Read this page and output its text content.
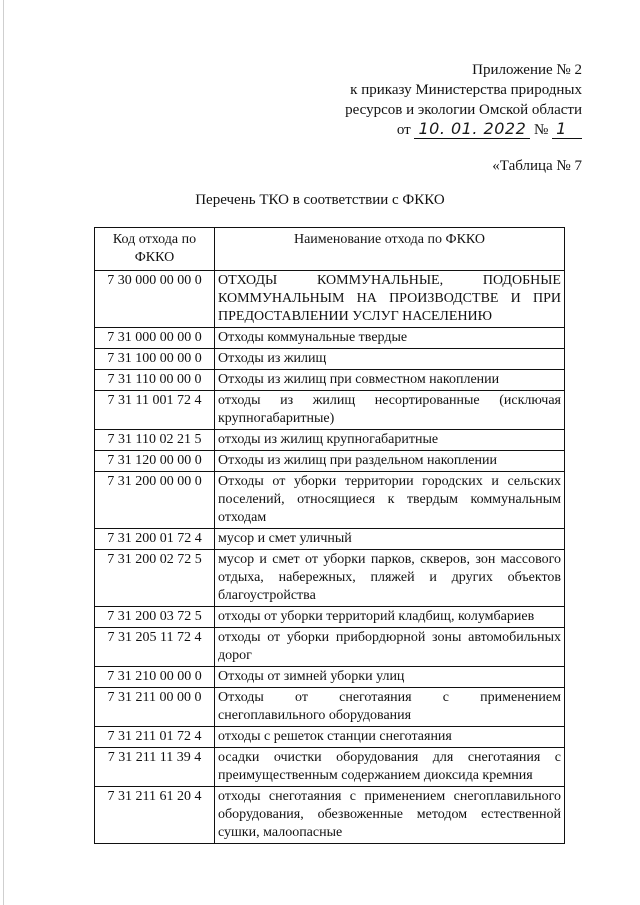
Приложение № 2
к приказу Министерства природных
ресурсов и экологии Омской области
от 10. 01. 2022 № 1
«Таблица № 7
Перечень ТКО в соответствии с ФККО
Код отхода по ФККО	Наименование отхода по ФККО
7 30 000 00 00 0	ОТХОДЫ КОММУНАЛЬНЫЕ, ПОДОБНЫЕ КОММУНАЛЬНЫМ НА ПРОИЗВОДСТВЕ И ПРИ ПРЕДОСТАВЛЕНИИ УСЛУГ НАСЕЛЕНИЮ
7 31 000 00 00 0	Отходы коммунальные твердые
7 31 100 00 00 0	Отходы из жилищ
7 31 110 00 00 0	Отходы из жилищ при совместном накоплении
7 31 11 001 72 4	отходы из жилищ несортированные (исключая крупногабаритные)
7 31 110 02 21 5	отходы из жилищ крупногабаритные
7 31 120 00 00 0	Отходы из жилищ при раздельном накоплении
7 31 200 00 00 0	Отходы от уборки территории городских и сельских поселений, относящиеся к твердым коммунальным отходам
7 31 200 01 72 4	мусор и смет уличный
7 31 200 02 72 5	мусор и смет от уборки парков, скверов, зон массового отдыха, набережных, пляжей и других объектов благоустройства
7 31 200 03 72 5	отходы от уборки территорий кладбищ, колумбариев
7 31 205 11 72 4	отходы от уборки прибордюрной зоны автомобильных дорог
7 31 210 00 00 0	Отходы от зимней уборки улиц
7 31 211 00 00 0	Отходы от снеготаяния с применением снегоплавильного оборудования
7 31 211 01 72 4	отходы с решеток станции снеготаяния
7 31 211 11 39 4	осадки очистки оборудования для снеготаяния с преимущественным содержанием диоксида кремния
7 31 211 61 20 4	отходы снеготаяния с применением снегоплавильного оборудования, обезвоженные методом естественной сушки, малоопасные
